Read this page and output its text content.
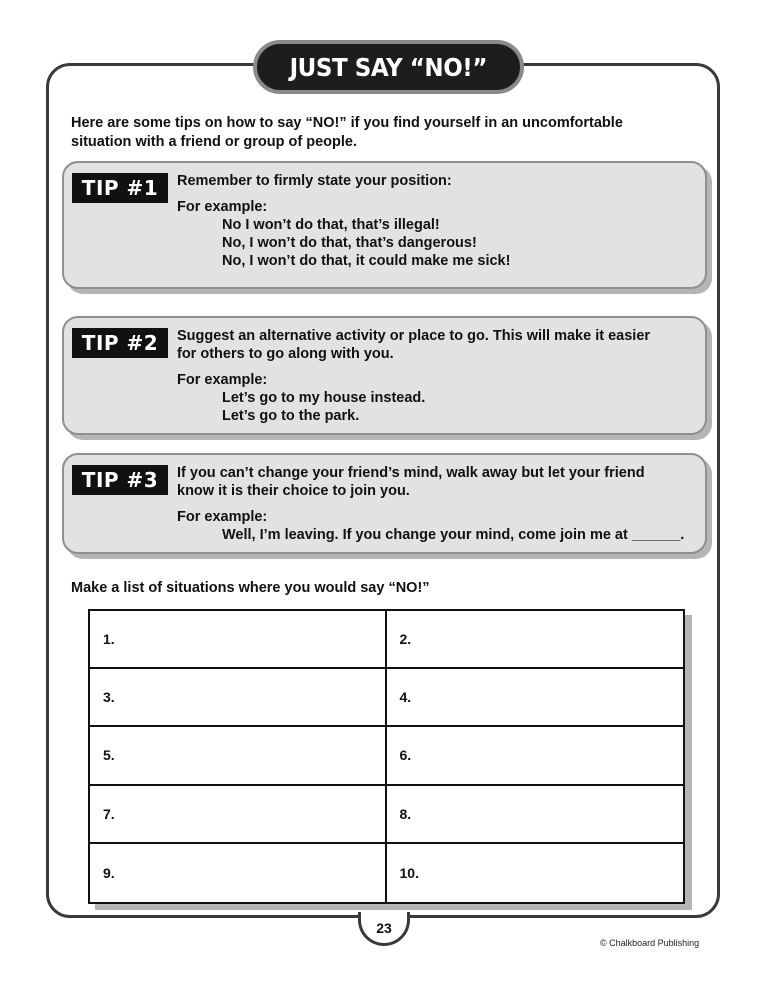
JUST SAY “NO!”
Here are some tips on how to say “NO!” if you find yourself in an uncomfortable
situation with a friend or group of people.
TIP #1	Remember to firmly state your position:

For example:

No I won’t do that, that’s illegal!

No, I won’t do that, that’s dangerous!

No, I won’t do that, it could make me sick!

TIP #2	Suggest an alternative activity or place to go. This will make it easier

for others to go along with you.

For example:

Let’s go to my house instead.

Let’s go to the park.

TIP #3	If you can’t change your friend’s mind, walk away but let your friend

know it is their choice to join you.

For example:

Well, I’m leaving. If you change your mind, come join me at ______.

Make a list of situations where you would say “NO!”
1.	2.
3.	4.
5.	6.
7.	8.
9.	10.
23
© Chalkboard Publishing
